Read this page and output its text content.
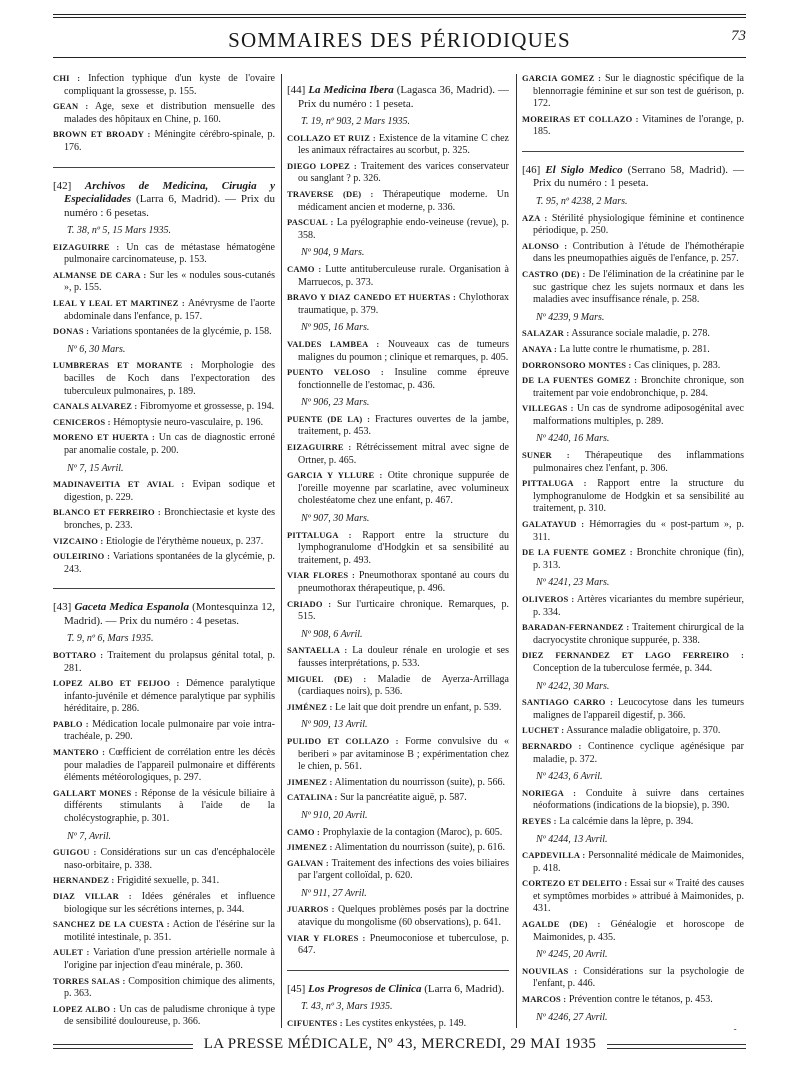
SOMMAIRES DES PÉRIODIQUES	73

CHI : Infection typhique d'un kyste de l'ovaire compliquant la grossesse, p. 155.

GEAN : Age, sexe et distribution mensuelle des malades des hôpitaux en Chine, p. 160.

BROWN ET BROADY : Méningite cérébro-spinale, p. 176.

[42] Archivos de Medicina, Cirugia y Especialidades (Larra 6, Madrid). — Prix du numéro : 6 pesetas.
T. 38, nº 5, 15 Mars 1935.

EIZAGUIRRE : Un cas de métastase hématogène pulmonaire carcinomateuse, p. 153.

ALMANSE DE CARA : Sur les « nodules sous-cutanés », p. 155.

LEAL Y LEAL ET MARTINEZ : Anévrysme de l'aorte abdominale dans l'enfance, p. 157.

DONAS : Variations spontanées de la glycémie, p. 158.

Nº 6, 30 Mars.

LUMBRERAS ET MORANTE : Morphologie des bacilles de Koch dans l'expectoration des tuberculeux pulmonaires, p. 189.

CANALS ALVAREZ : Fibromyome et grossesse, p. 194.

CENICEROS : Hémoptysie neuro-vasculaire, p. 196.

MORENO ET HUERTA : Un cas de diagnostic erroné par anomalie costale, p. 200.

Nº 7, 15 Avril.

MADINAVEITIA ET AVIAL : Evipan sodique et digestion, p. 229.

BLANCO ET FERREIRO : Bronchiectasie et kyste des bronches, p. 233.

VIZCAINO : Etiologie de l'érythème noueux, p. 237.

OULEIRINO : Variations spontanées de la glycémie, p. 243.

[43] Gaceta Medica Espanola (Montesquinza 12, Madrid). — Prix du numéro : 4 pesetas.
T. 9, nº 6, Mars 1935.

BOTTARO : Traitement du prolapsus génital total, p. 281.

LOPEZ ALBO ET FEIJOO : Démence paralytique infanto-juvénile et démence paralytique par syphilis héréditaire, p. 286.

PABLO : Médication locale pulmonaire par voie intra-trachéale, p. 290.

MANTERO : Cœfficient de corrélation entre les décès pour maladies de l'appareil pulmonaire et différents éléments météorologiques, p. 297.

GALLART MONES : Réponse de la vésicule biliaire à différents stimulants à l'aide de la cholécystographie, p. 301.

Nº 7, Avril.

GUIGOU : Considérations sur un cas d'encéphalocèle naso-orbitaire, p. 338.

HERNANDEZ : Frigidité sexuelle, p. 341.

DIAZ VILLAR : Idées générales et influence biologique sur les sécrétions internes, p. 344.

SANCHEZ DE LA CUESTA : Action de l'ésérine sur la motilité intestinale, p. 351.

AULET : Variation d'une pression artérielle normale à l'origine par injection d'eau minérale, p. 360.

TORRES SALAS : Composition chimique des aliments, p. 363.

LOPEZ ALBO : Un cas de paludisme chronique à type de sensibilité douloureuse, p. 366.

[44] La Medicina Ibera (Lagasca 36, Madrid). — Prix du numéro : 1 peseta.
T. 19, nº 903, 2 Mars 1935.

COLLAZO ET RUIZ : Existence de la vitamine C chez les animaux réfractaires au scorbut, p. 325.

DIEGO LOPEZ : Traitement des varices conservateur ou sanglant ? p. 326.

TRAVERSE (DE) : Thérapeutique moderne. Un médicament ancien et moderne, p. 336.

PASCUAL : La pyélographie endo-veineuse (revue), p. 358.

Nº 904, 9 Mars.

CAMO : Lutte antituberculeuse rurale. Organisation à Marruecos, p. 373.

BRAVO Y DIAZ CANEDO ET HUERTAS : Chylothorax traumatique, p. 379.

Nº 905, 16 Mars.

VALDES LAMBEA : Nouveaux cas de tumeurs malignes du poumon ; clinique et remarques, p. 405.

PUENTO VELOSO : Insuline comme épreuve fonctionnelle de l'estomac, p. 436.

Nº 906, 23 Mars.

PUENTE (DE LA) : Fractures ouvertes de la jambe, traitement, p. 453.

EIZAGUIRRE : Rétrécissement mitral avec signe de Ortner, p. 465.

GARCIA Y YLLURE : Otite chronique suppurée de l'oreille moyenne par scarlatine, avec volumineux cholestéatome chez une enfant, p. 467.

Nº 907, 30 Mars.

PITTALUGA : Rapport entre la structure du lymphogranulome d'Hodgkin et sa sensibilité au traitement, p. 493.

VIAR FLORES : Pneumothorax spontané au cours du pneumothorax thérapeutique, p. 496.

CRIADO : Sur l'urticaire chronique. Remarques, p. 515.

Nº 908, 6 Avril.

SANTAELLA : La douleur rénale en urologie et ses fausses interprétations, p. 533.

MIGUEL (DE) : Maladie de Ayerza-Arrillaga (cardiaques noirs), p. 536.

JIMÉNEZ : Le lait que doit prendre un enfant, p. 539.

Nº 909, 13 Avril.

PULIDO ET COLLAZO : Forme convulsive du « beriberi » par avitaminose B ; expérimentation chez le chien, p. 561.

JIMENEZ : Alimentation du nourrisson (suite), p. 566.

CATALINA : Sur la pancréatite aiguë, p. 587.

Nº 910, 20 Avril.

CAMO : Prophylaxie de la contagion (Maroc), p. 605.

JIMENEZ : Alimentation du nourrisson (suite), p. 616.

GALVAN : Traitement des infections des voies biliaires par l'argent colloïdal, p. 620.

Nº 911, 27 Avril.

JUARROS : Quelques problèmes posés par la doctrine atavique du mongolisme (60 observations), p. 641.

VIAR Y FLORES : Pneumoconiose et tuberculose, p. 647.

[45] Los Progresos de Clinica (Larra 6, Madrid).
T. 43, nº 3, Mars 1935.

CIFUENTES : Les cystites enkystées, p. 149.

GARCIA GOMEZ : Sur le diagnostic spécifique de la blennorragie féminine et sur son test de guérison, p. 172.

MOREIRAS ET COLLAZO : Vitamines de l'orange, p. 185.

[46] El Siglo Medico (Serrano 58, Madrid). — Prix du numéro : 1 peseta.
T. 95, nº 4238, 2 Mars.

AZA : Stérilité physiologique féminine et continence périodique, p. 250.

ALONSO : Contribution à l'étude de l'hémothérapie dans les pneumopathies aiguës de l'enfance, p. 257.

CASTRO (DE) : De l'élimination de la créatinine par le suc gastrique chez les sujets normaux et dans les maladies avec insuffisance rénale, p. 258.

Nº 4239, 9 Mars.

SALAZAR : Assurance sociale maladie, p. 278.

ANAYA : La lutte contre le rhumatisme, p. 281.

DORRONSORO MONTES : Cas cliniques, p. 283.

DE LA FUENTES GOMEZ : Bronchite chronique, son traitement par voie endobronchique, p. 284.

VILLEGAS : Un cas de syndrome adiposogénital avec malformations multiples, p. 289.

Nº 4240, 16 Mars.

SUNER : Thérapeutique des inflammations pulmonaires chez l'enfant, p. 306.

PITTALUGA : Rapport entre la structure du lymphogranulome de Hodgkin et sa sensibilité au traitement, p. 310.

GALATAYUD : Hémorragies du « post-partum », p. 311.

DE LA FUENTE GOMEZ : Bronchite chronique (fin), p. 313.

Nº 4241, 23 Mars.

OLIVEROS : Artères vicariantes du membre supérieur, p. 334.

BARADAN-FERNANDEZ : Traitement chirurgical de la dacryocystite chronique suppurée, p. 338.

DIEZ FERNANDEZ ET LAGO FERREIRO : Conception de la tuberculose fermée, p. 344.

Nº 4242, 30 Mars.

SANTIAGO CARRO : Leucocytose dans les tumeurs malignes de l'appareil digestif, p. 366.

LUCHET : Assurance maladie obligatoire, p. 370.

BERNARDO : Continence cyclique agénésique par maladie, p. 372.

Nº 4243, 6 Avril.

NORIEGA : Conduite à suivre dans certaines néoformations (indications de la biopsie), p. 390.

REYES : La calcémie dans la lèpre, p. 394.

Nº 4244, 13 Avril.

CAPDEVILLA : Personnalité médicale de Maimonides, p. 418.

CORTEZO ET DELEITO : Essai sur « Traité des causes et symptômes morbides » attribué à Maimonides, p. 431.

AGALDE (DE) : Généalogie et horoscope de Maimonides, p. 435.

Nº 4245, 20 Avril.

NOUVILAS : Considérations sur la psychologie de l'enfant, p. 446.

MARCOS : Prévention contre le tétanos, p. 453.

Nº 4246, 27 Avril.

LA PRESSE MÉDICALE, Nº 43, MERCREDI, 29 MAI 1935
